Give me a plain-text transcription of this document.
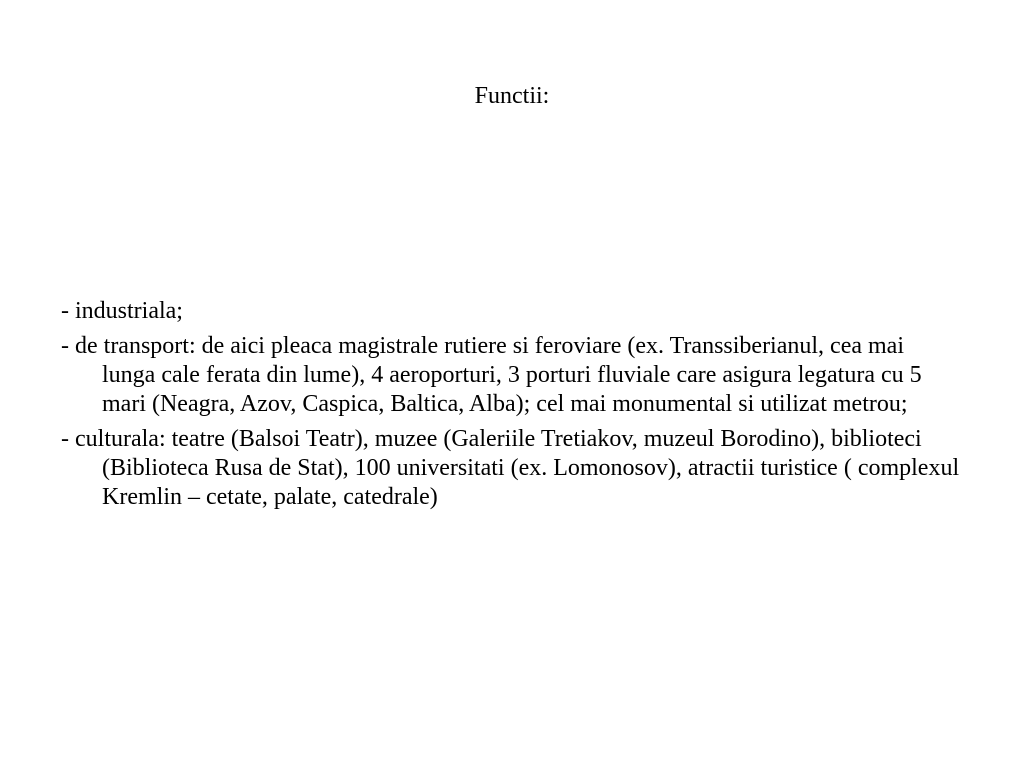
Functii:
- industriala;
- de transport: de aici pleaca magistrale rutiere si feroviare (ex. Transsiberianul, cea mai lunga cale ferata din lume), 4 aeroporturi, 3 porturi fluviale care asigura legatura cu 5 mari (Neagra, Azov, Caspica, Baltica, Alba); cel mai monumental si utilizat metrou;
- culturala: teatre (Balsoi Teatr), muzee (Galeriile Tretiakov, muzeul Borodino), biblioteci (Biblioteca Rusa de Stat), 100 universitati (ex. Lomonosov), atractii turistice ( complexul Kremlin – cetate, palate, catedrale)
